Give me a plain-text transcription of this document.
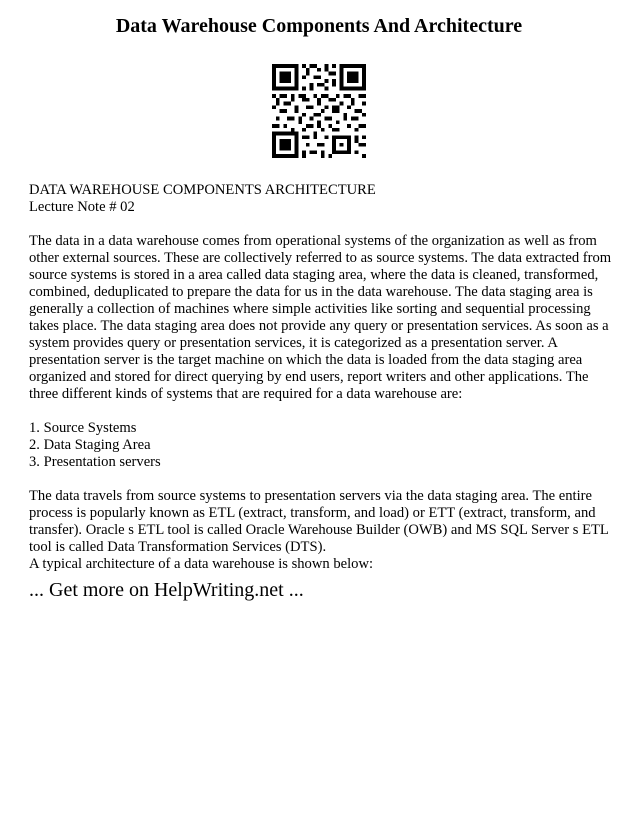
Data Warehouse Components And Architecture

DATA WAREHOUSE COMPONENTS ARCHITECTURE

Lecture Note # 02

The data in a data warehouse comes from operational systems of the organization as well as from other external sources. These are collectively referred to as source systems. The data extracted from source systems is stored in a area called data staging area, where the data is cleaned, transformed, combined, deduplicated to prepare the data for us in the data warehouse. The data staging area is generally a collection of machines where simple activities like sorting and sequential processing takes place. The data staging area does not provide any query or presentation services. As soon as a system provides query or presentation services, it is categorized as a presentation server. A presentation server is the target machine on which the data is loaded from the data staging area organized and stored for direct querying by end users, report writers and other applications. The three different kinds of systems that are required for a data warehouse are:

1. Source Systems

2. Data Staging Area

3. Presentation servers

The data travels from source systems to presentation servers via the data staging area. The entire process is popularly known as ETL (extract, transform, and load) or ETT (extract, transform, and transfer). Oracle s ETL tool is called Oracle Warehouse Builder (OWB) and MS SQL Server s ETL tool is called Data Transformation Services (DTS).

A typical architecture of a data warehouse is shown below:

... Get more on HelpWriting.net ...
